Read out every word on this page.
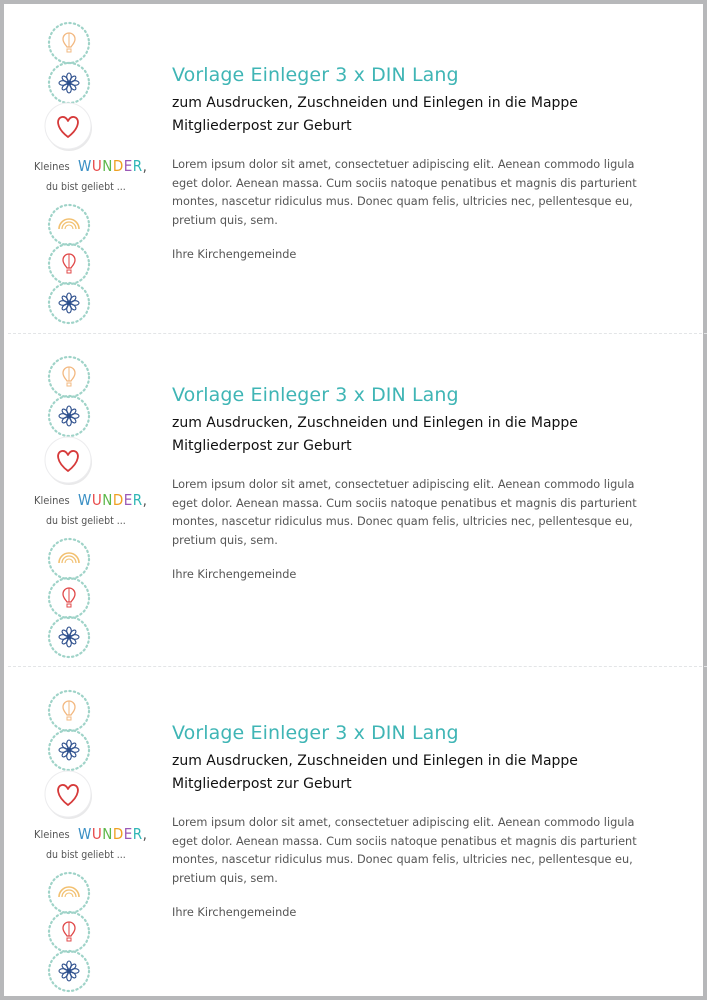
Kleines WUNDER,
du bist geliebt ...
Vorlage Einleger 3 x DIN Lang

zum Ausdrucken, Zuschneiden und Einlegen in die Mappe Mitgliederpost zur Geburt

Lorem ipsum dolor sit amet, consectetuer adipiscing elit. Aenean commodo ligula eget dolor. Aenean massa. Cum sociis natoque penatibus et magnis dis parturient montes, nascetur ridiculus mus. Donec quam felis, ultricies nec, pellentesque eu, pretium quis, sem.

Ihre Kirchengemeinde

Kleines WUNDER,
du bist geliebt ...
Vorlage Einleger 3 x DIN Lang

zum Ausdrucken, Zuschneiden und Einlegen in die Mappe Mitgliederpost zur Geburt

Lorem ipsum dolor sit amet, consectetuer adipiscing elit. Aenean commodo ligula eget dolor. Aenean massa. Cum sociis natoque penatibus et magnis dis parturient montes, nascetur ridiculus mus. Donec quam felis, ultricies nec, pellentesque eu, pretium quis, sem.

Ihre Kirchengemeinde

Kleines WUNDER,
du bist geliebt ...
Vorlage Einleger 3 x DIN Lang

zum Ausdrucken, Zuschneiden und Einlegen in die Mappe Mitgliederpost zur Geburt

Lorem ipsum dolor sit amet, consectetuer adipiscing elit. Aenean commodo ligula eget dolor. Aenean massa. Cum sociis natoque penatibus et magnis dis parturient montes, nascetur ridiculus mus. Donec quam felis, ultricies nec, pellentesque eu, pretium quis, sem.

Ihre Kirchengemeinde
